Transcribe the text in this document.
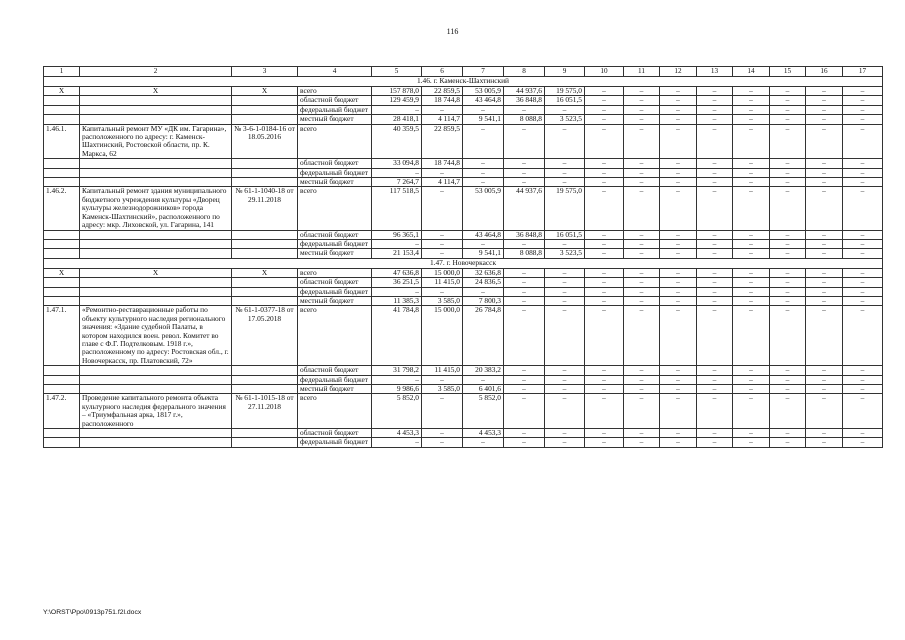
116
1	2	3	4	5	6	7	8	9	10	11	12	13	14	15	16	17
1.46. г. Каменск-Шахтинский																
X	X	X	всего	157 878,0	22 859,5	53 005,9	44 937,6	19 575,0	–	–	–	–	–	–	–	–
			областной бюджет	129 459,9	18 744,8	43 464,8	36 848,8	16 051,5	–	–	–	–	–	–	–	–
			федеральный бюджет	–	–	–	–	–	–	–	–	–	–	–	–	–
			местный бюджет	28 418,1	4 114,7	9 541,1	8 088,8	3 523,5	–	–	–	–	–	–	–	–
1.46.1.	Капитальный ремонт МУ «ДК им. Гагарина», расположенного по адресу: г. Каменск-Шахтинский, Ростовской области, пр. К. Маркса, 62	№ 3-6-1-0184-16 от 18.05.2016	всего	40 359,5	22 859,5	–	–	–	–	–	–	–	–	–	–	–
			областной бюджет	33 094,8	18 744,8	–	–	–	–	–	–	–	–	–	–	–
			федеральный бюджет	–	–	–	–	–	–	–	–	–	–	–	–	–
			местный бюджет	7 264,7	4 114,7	–	–	–	–	–	–	–	–	–	–	–
1.46.2.	Капитальный ремонт здания муниципального бюджетного учреждения культуры «Дворец культуры железнодорожников» города Каменск-Шахтинский», расположенного по адресу: мкр. Лиховской, ул. Гагарина, 141	№ 61-1-1040-18 от 29.11.2018	всего	117 518,5	–	53 005,9	44 937,6	19 575,0	–	–	–	–	–	–	–	–
			областной бюджет	96 365,1	–	43 464,8	36 848,8	16 051,5	–	–	–	–	–	–	–	–
			федеральный бюджет	–	–	–	–	–	–	–	–	–	–	–	–	–
			местный бюджет	21 153,4	–	9 541,1	8 088,8	3 523,5	–	–	–	–	–	–	–	–
1.47. г. Новочеркасск																
X	X	X	всего	47 636,8	15 000,0	32 636,8	–	–	–	–	–	–	–	–	–	–
			областной бюджет	36 251,5	11 415,0	24 836,5	–	–	–	–	–	–	–	–	–	–
			федеральный бюджет	–	–	–	–	–	–	–	–	–	–	–	–	–
			местный бюджет	11 385,3	3 585,0	7 800,3	–	–	–	–	–	–	–	–	–	–
1.47.1.	«Ремонтно-реставрационные работы по объекту культурного наследия регионального значения: «Здание судебной Палаты, в котором находился воен. револ. Комитет во главе с Ф.Г. Подтелковым. 1918 г.», расположенному по адресу: Ростовская обл., г. Новочеркасск, пр. Платовский, 72»	№ 61-1-0377-18 от 17.05.2018	всего	41 784,8	15 000,0	26 784,8	–	–	–	–	–	–	–	–	–	–
			областной бюджет	31 798,2	11 415,0	20 383,2	–	–	–	–	–	–	–	–	–	–
			федеральный бюджет	–	–	–	–	–	–	–	–	–	–	–	–	–
			местный бюджет	9 986,6	3 585,0	6 401,6	–	–	–	–	–	–	–	–	–	–
1.47.2.	Проведение капитального ремонта объекта культурного наследия федерального значения – «Триумфальная арка, 1817 г.», расположенного	№ 61-1-1015-18 от 27.11.2018	всего	5 852,0	–	5 852,0	–	–	–	–	–	–	–	–	–	–
			областной бюджет	4 453,3	–	4 453,3	–	–	–	–	–	–	–	–	–	–
			федеральный бюджет	–	–	–	–	–	–	–	–	–	–	–	–	–
Y:\ORST\Ppo\0913p751.f2l.docx
